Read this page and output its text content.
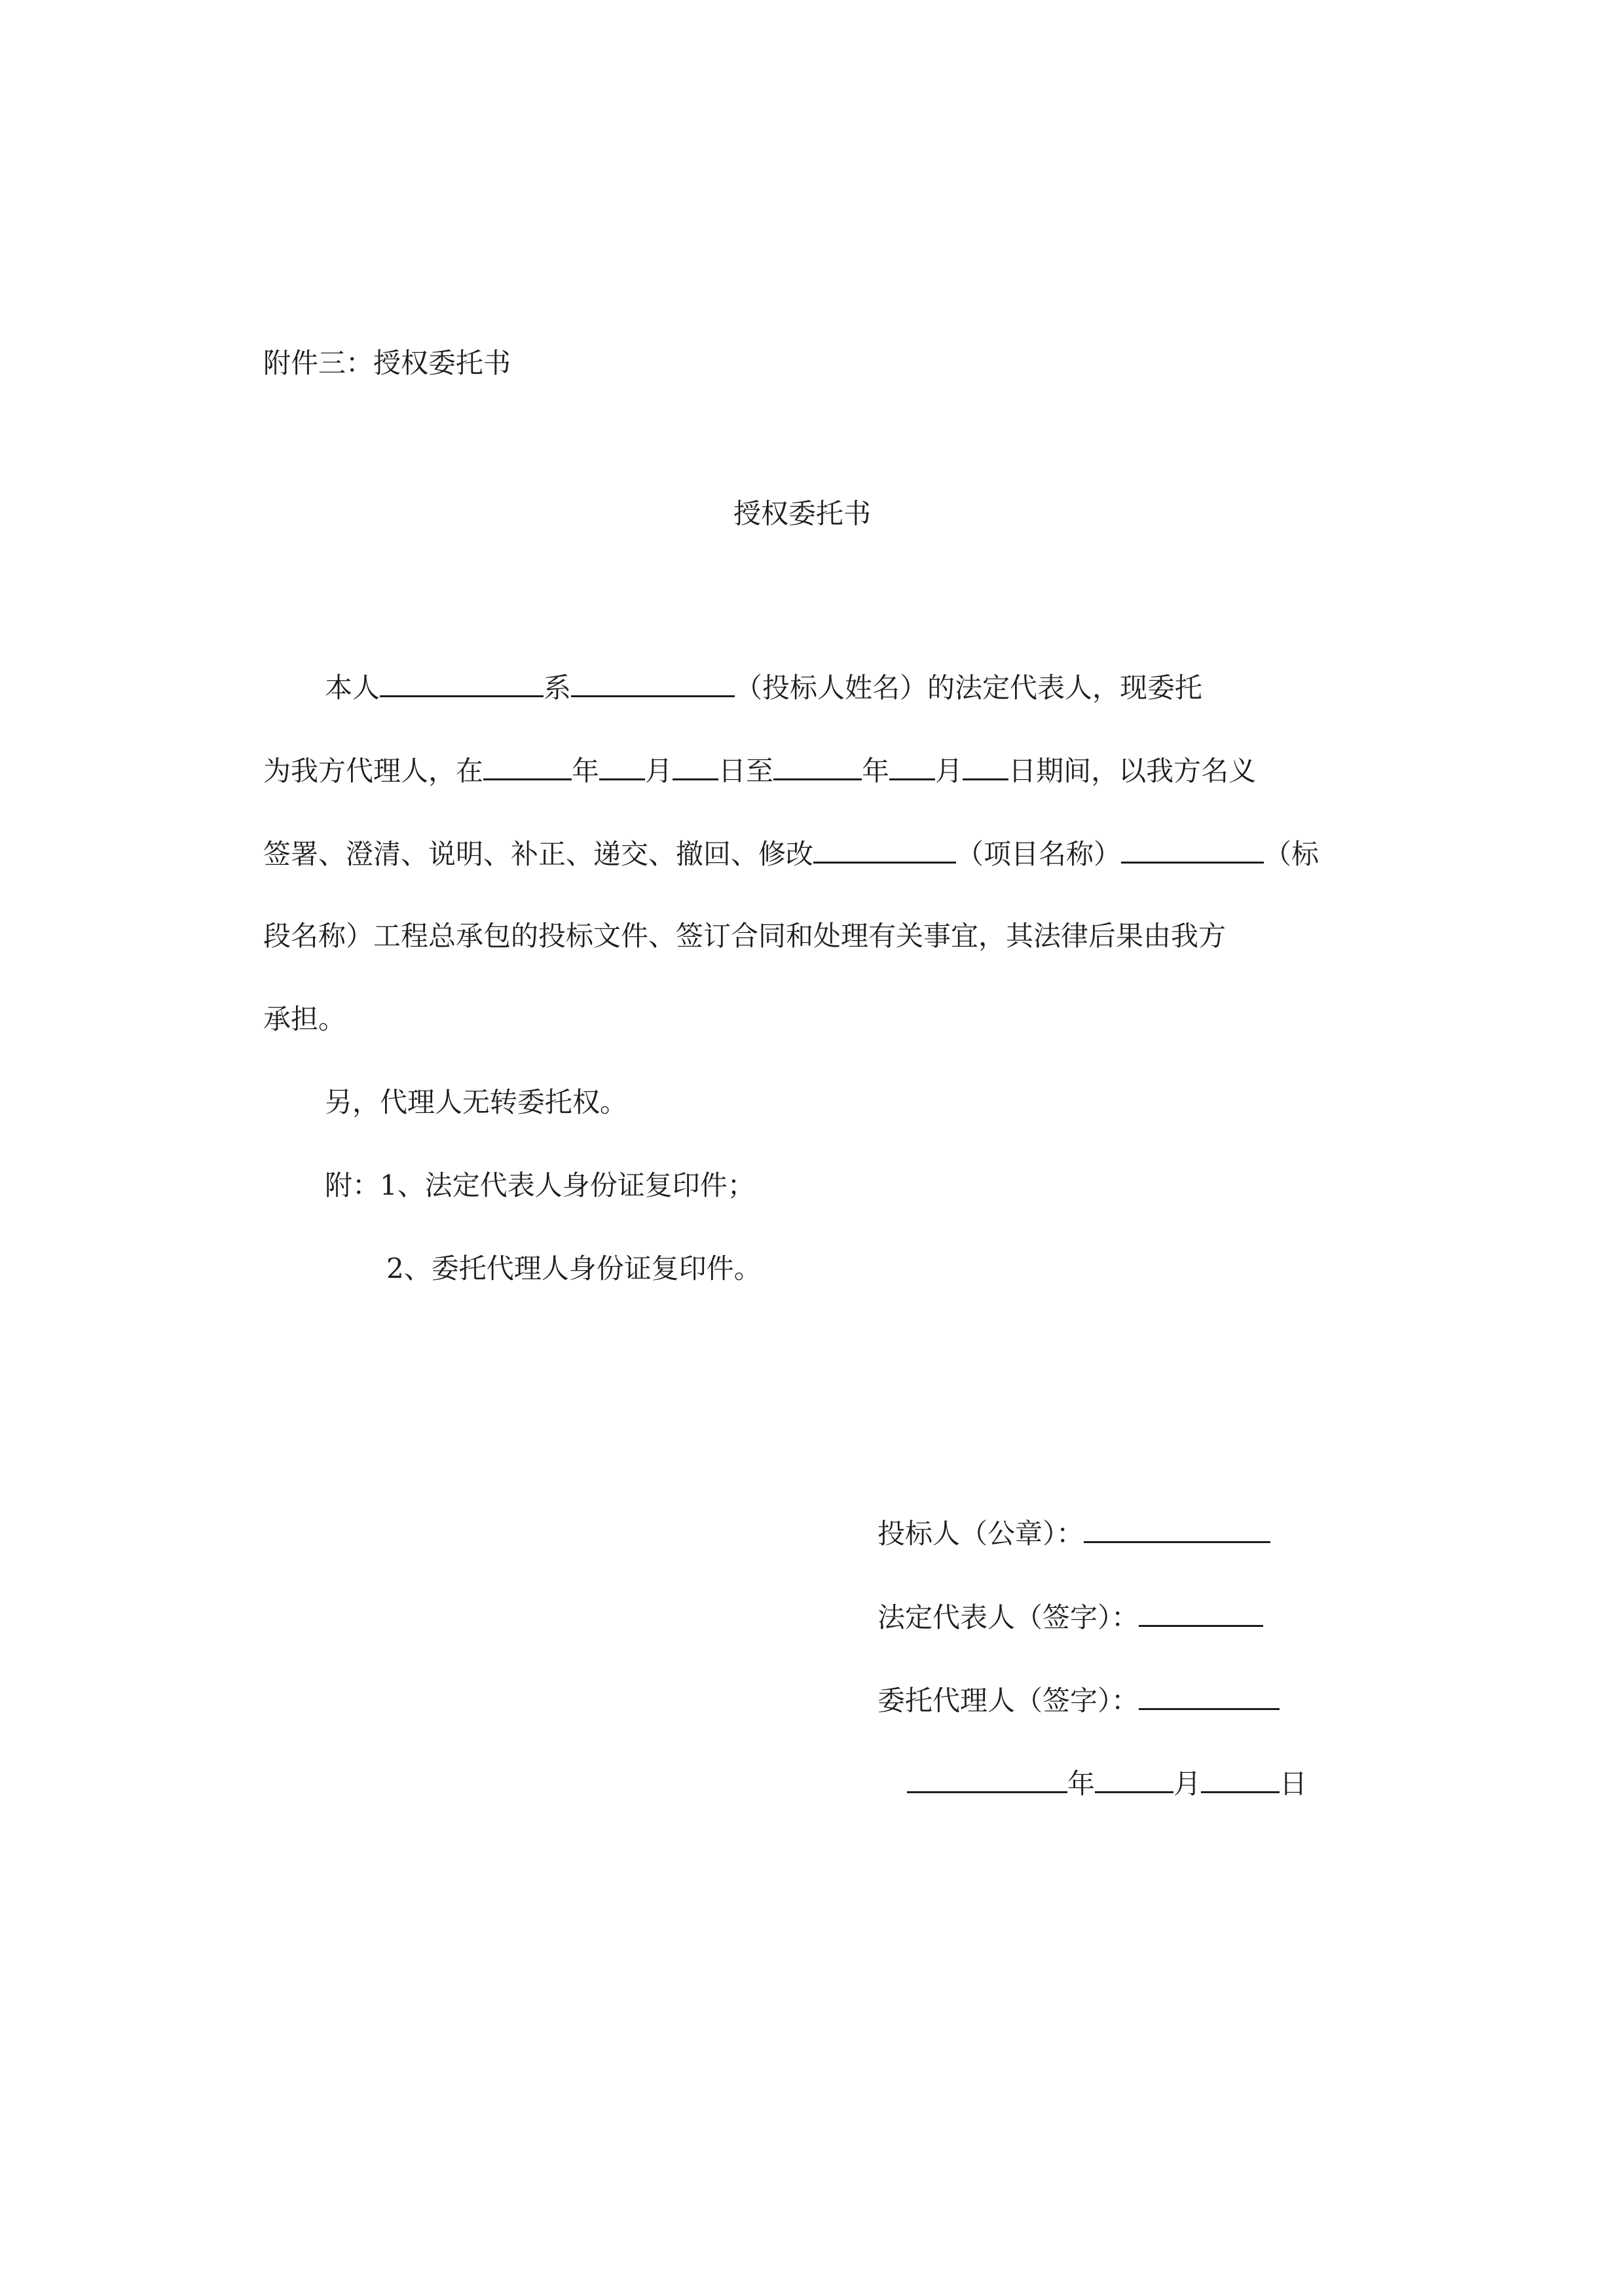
附件三：授权委托书
授权委托书
本人	系	（投标人姓名）的法定代表人，现委托
为我方代理人，在	年 月 日至	年 月 日期间，以我方名义
签署、澄清、说明、补正、递交、撤回、修改	（项目名称）	（标
段名称）工程总承包的投标文件、签订合同和处理有关事宜，其法律后果由我方
承担。
另，代理人无转委托权。
附：1、法定代表人身份证复印件；
2、委托代理人身份证复印件。
投标人（公章）：
法定代表人（签字）：
委托代理人（签字）：
年	月	日
